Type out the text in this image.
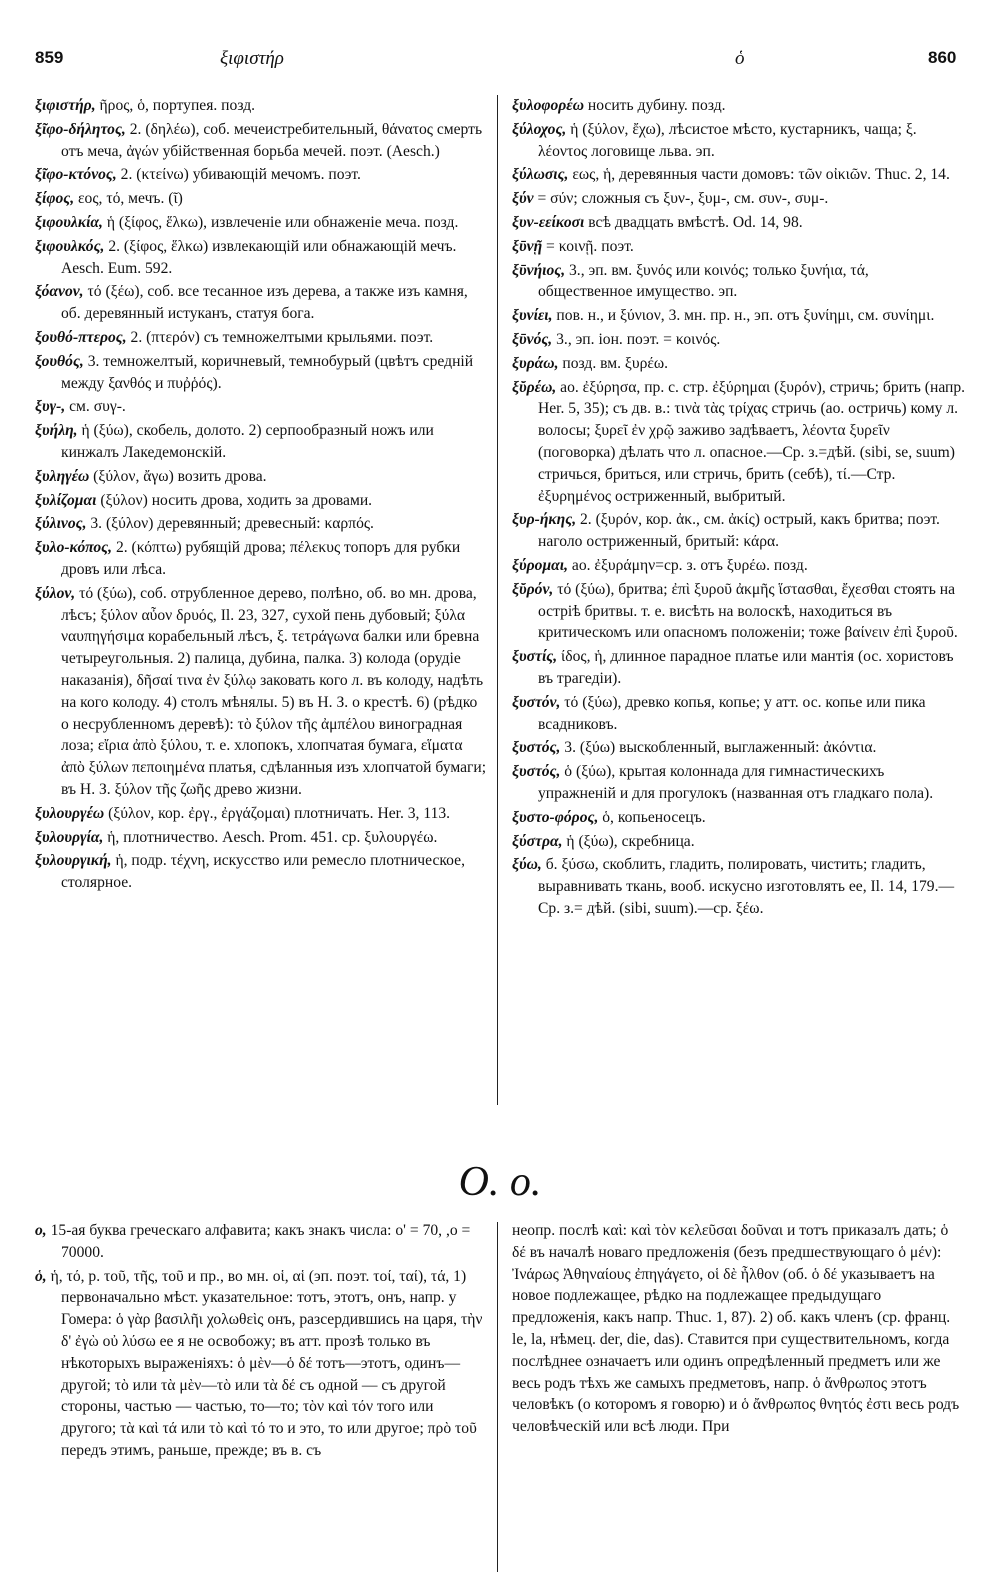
859	ξιφιστήρ	ὁ	860
ξιφιστήρ, ῆρος, ὁ, портупея. позд.
ξῖφο-δήλητος, 2. (δηλέω), соб. мечеистребительный, θάνατος смерть отъ меча, ἀγών убійственная борьба мечей. поэт. (Aesch.)
ξῖφο-κτόνος, 2. (κτείνω) убивающій мечомъ. поэт.
ξίφος, εος, τό, мечъ. (ῖ)
ξιφουλκία, ἡ (ξίφος, ἕλκω), извлеченіе или обнаженіе меча. позд.
ξιφουλκός, 2. (ξίφος, ἕλκω) извлекающій или обнажающій мечъ. Aesch. Eum. 592.
ξόανον, τό (ξέω), соб. все тесанное изъ дерева, а также изъ камня, об. деревянный истуканъ, статуя бога.
ξουθό-πτερος, 2. (πτερόν) съ темножелтыми крыльями. поэт.
ξουθός, 3. темножелтый, коричневый, темнобурый (цвѣтъ средній между ξανθός и πυῤῥός).
ξυγ-, см. συγ-.
ξυήλη, ἡ (ξύω), скобель, долото. 2) серпообразный ножъ или кинжалъ Лакедемонскій.
ξυληγέω (ξύλον, ἄγω) возить дрова.
ξυλίζομαι (ξύλον) носить дрова, ходить за дровами.
ξύλινος, 3. (ξύλον) деревянный; древесный: καρπός.
ξυλο-κόπος, 2. (κόπτω) рубящій дрова; πέλεκυς топоръ для рубки дровъ или лѣса.
ξύλον, τό (ξύω), соб. отрубленное дерево, полѣно, об. во мн. дрова, лѣсъ; ξύλον αὖον δρυός, Il. 23, 327, сухой пень дубовый; ξύλα ναυπηγήσιμα корабельный лѣсъ, ξ. τετράγωνα балки или бревна четыреугольныя. 2) палица, дубина, палка. 3) колода (орудіе наказанія), δῆσαί τινα ἐν ξύλῳ заковать кого л. въ колоду, надѣть на кого колоду. 4) столъ мѣнялы. 5) въ Н. З. о крестѣ. 6) (рѣдко о несрубленномъ деревѣ): τὸ ξύλον τῆς ἀμπέλου виноградная лоза; εἴρια ἀπὸ ξύλου, т. е. хлопокъ, хлопчатая бумага, εἵματα ἀπὸ ξύλων πεποιημένα платья, сдѣланныя изъ хлопчатой бумаги; въ Н. З. ξύλον τῆς ζωῆς древо жизни.
ξυλουργέω (ξύλον, кор. ἐργ., ἐργάζομαι) плотничать. Her. 3, 113.
ξυλουργία, ἡ, плотничество. Aesch. Prom. 451. ср. ξυλουργέω.
ξυλουργική, ἡ, подр. τέχνη, искусство или ремесло плотническое, столярное.
ξυλοφορέω носить дубину. позд.
ξύλοχος, ἡ (ξύλον, ἔχω), лѣсистое мѣсто, кустарникъ, чаща; ξ. λέοντος логовище льва. эп.
ξύλωσις, εως, ἡ, деревянныя части домовъ: τῶν οἰκιῶν. Thuc. 2, 14.
ξύν = σύν; сложныя съ ξυν-, ξυμ-, см. συν-, συμ-.
ξυν-εείκοσι всѣ двадцать вмѣстѣ. Od. 14, 98.
ξῡνῇ = κοινῇ. поэт.
ξῡνήιος, 3., эп. вм. ξυνός или κοινός; только ξυνήια, τά, общественное имущество. эп.
ξυνίει, пов. н., и ξύνιον, 3. мн. пр. н., эп. отъ ξυνίημι, см. συνίημι.
ξῡνός, 3., эп. іон. поэт. = κοινός.
ξυράω, позд. вм. ξυρέω.
ξῠρέω, ао. ἐξύρησα, пр. с. стр. ἐξύρημαι (ξυρόν), стричь; брить (напр. Her. 5, 35); съ дв. в.: τινὰ τὰς τρίχας стричь (ао. остричь) кому л. волосы; ξυρεῖ ἐν χρῷ заживо задѣваетъ, λέοντα ξυρεῖν (поговорка) дѣлать что л. опасное.—Ср. з.=дѣй. (sibi, se, suum) стричься, бриться, или стричь, брить (себѣ), τί.—Стр. ἐξυρημένος остриженный, выбритый.
ξυρ-ήκης, 2. (ξυρόν, кор. ἀκ., см. ἀκίς) острый, какъ бритва; поэт. наголо остриженный, бритый: κάρα.
ξύρομαι, ао. ἐξυράμην=ср. з. отъ ξυρέω. позд.
ξῠρόν, τό (ξύω), бритва; ἐπὶ ξυροῦ ἀκμῆς ἵστασθαι, ἔχεσθαι стоять на остріѣ бритвы. т. е. висѣть на волоскѣ, находиться въ критическомъ или опасномъ положеніи; тоже βαίνειν ἐπὶ ξυροῦ.
ξυστίς, ίδος, ἡ, длинное парадное платье или мантія (ос. хористовъ въ трагедіи).
ξυστόν, τό (ξύω), древко копья, копье; у атт. ос. копье или пика всадниковъ.
ξυστός, 3. (ξύω) выскобленный, выглаженный: ἀκόντια.
ξυστός, ὁ (ξύω), крытая колоннада для гимнастическихъ упражненій и для прогулокъ (названная отъ гладкаго пола).
ξυστο-φόρος, ὁ, копьеносецъ.
ξύστρα, ἡ (ξύω), скребница.
ξύω, б. ξύσω, скоблить, гладить, полировать, чистить; гладить, выравнивать ткань, вооб. искусно изготовлять ее, Il. 14, 179.—Ср. з.= дѣй. (sibi, suum).—ср. ξέω.
O. o.
ο, 15-ая буква греческаго алфавита; какъ знакъ числа: ο' = 70, ,ο = 70000.
ὁ, ἡ, τό, р. τοῦ, τῆς, τοῦ и пр., во мн. οἱ, αἱ (эп. поэт. τοί, ταί), τά, 1) первоначально мѣст. указательное: тотъ, этотъ, онъ, напр. у Гомера: ὁ γὰρ βασιλῆι χολωθεὶς онъ, разсердившись на царя, τὴν δ' ἐγὼ οὐ λύσω ее я не освобожу; въ атт. прозѣ только въ нѣкоторыхъ выраженіяхъ: ὁ μὲν—ὁ δέ тотъ—этотъ, одинъ—другой; τὸ или τὰ μὲν—τὸ или τὰ δέ съ одной — съ другой стороны, частью — частью, то—то; τὸν καὶ τόν того или другого; τὰ καὶ τά или τὸ καὶ τό то и это, то или другое; πρὸ τοῦ передъ этимъ, раньше, прежде; въ в. съ
неопр. послѣ καὶ: καὶ τὸν κελεῦσαι δοῦναι и тотъ приказалъ дать; ὁ δέ въ началѣ новаго предложенія (безъ предшествующаго ὁ μέν): Ἰνάρως Ἀθηναίους ἐπηγάγετο, οἱ δὲ ἦλθον (об. ὁ δέ указываетъ на новое подлежащее, рѣдко на подлежащее предыдущаго предложенія, какъ напр. Thuc. 1, 87). 2) об. какъ членъ (ср. франц. le, la, нѣмец. der, die, das). Ставится при существительномъ, когда послѣднее означаетъ или одинъ опредѣленный предметъ или же весь родъ тѣхъ же самыхъ предметовъ, напр. ὁ ἄνθρωπος этотъ человѣкъ (о которомъ я говорю) и ὁ ἄνθρωπος θνητός ἐστι весь родъ человѣческій или всѣ люди. При
